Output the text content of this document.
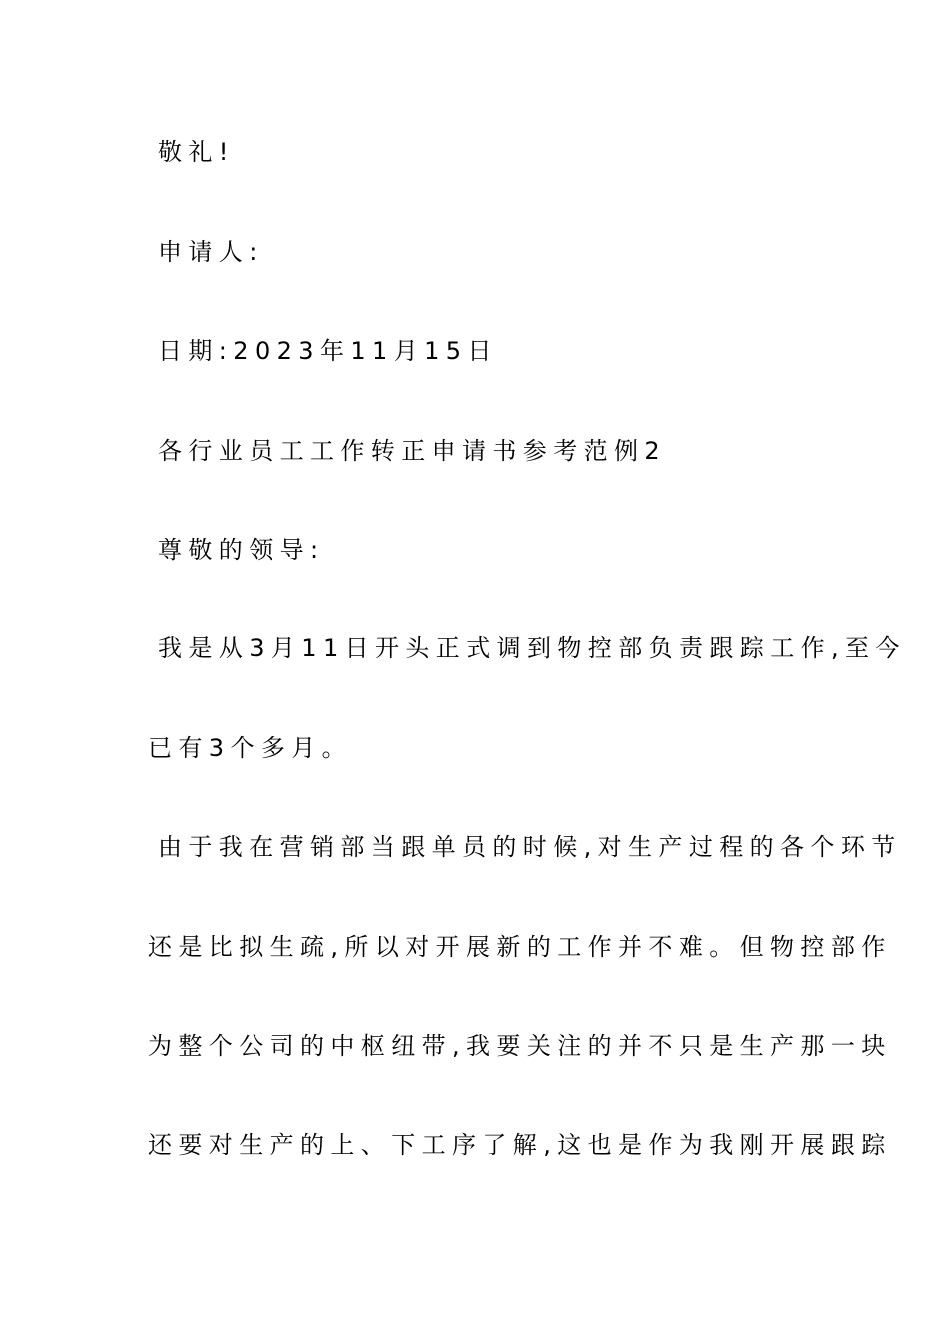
敬礼!
申请人:
日期:2023年11月15日
各行业员工工作转正申请书参考范例2
尊敬的领导:
我是从3月11日开头正式调到物控部负责跟踪工作,至今
已有3个多月。
由于我在营销部当跟单员的时候,对生产过程的各个环节
还是比拟生疏,所以对开展新的工作并不难。但物控部作
为整个公司的中枢纽带,我要关注的并不只是生产那一块
还要对生产的上、下工序了解,这也是作为我刚开展跟踪
